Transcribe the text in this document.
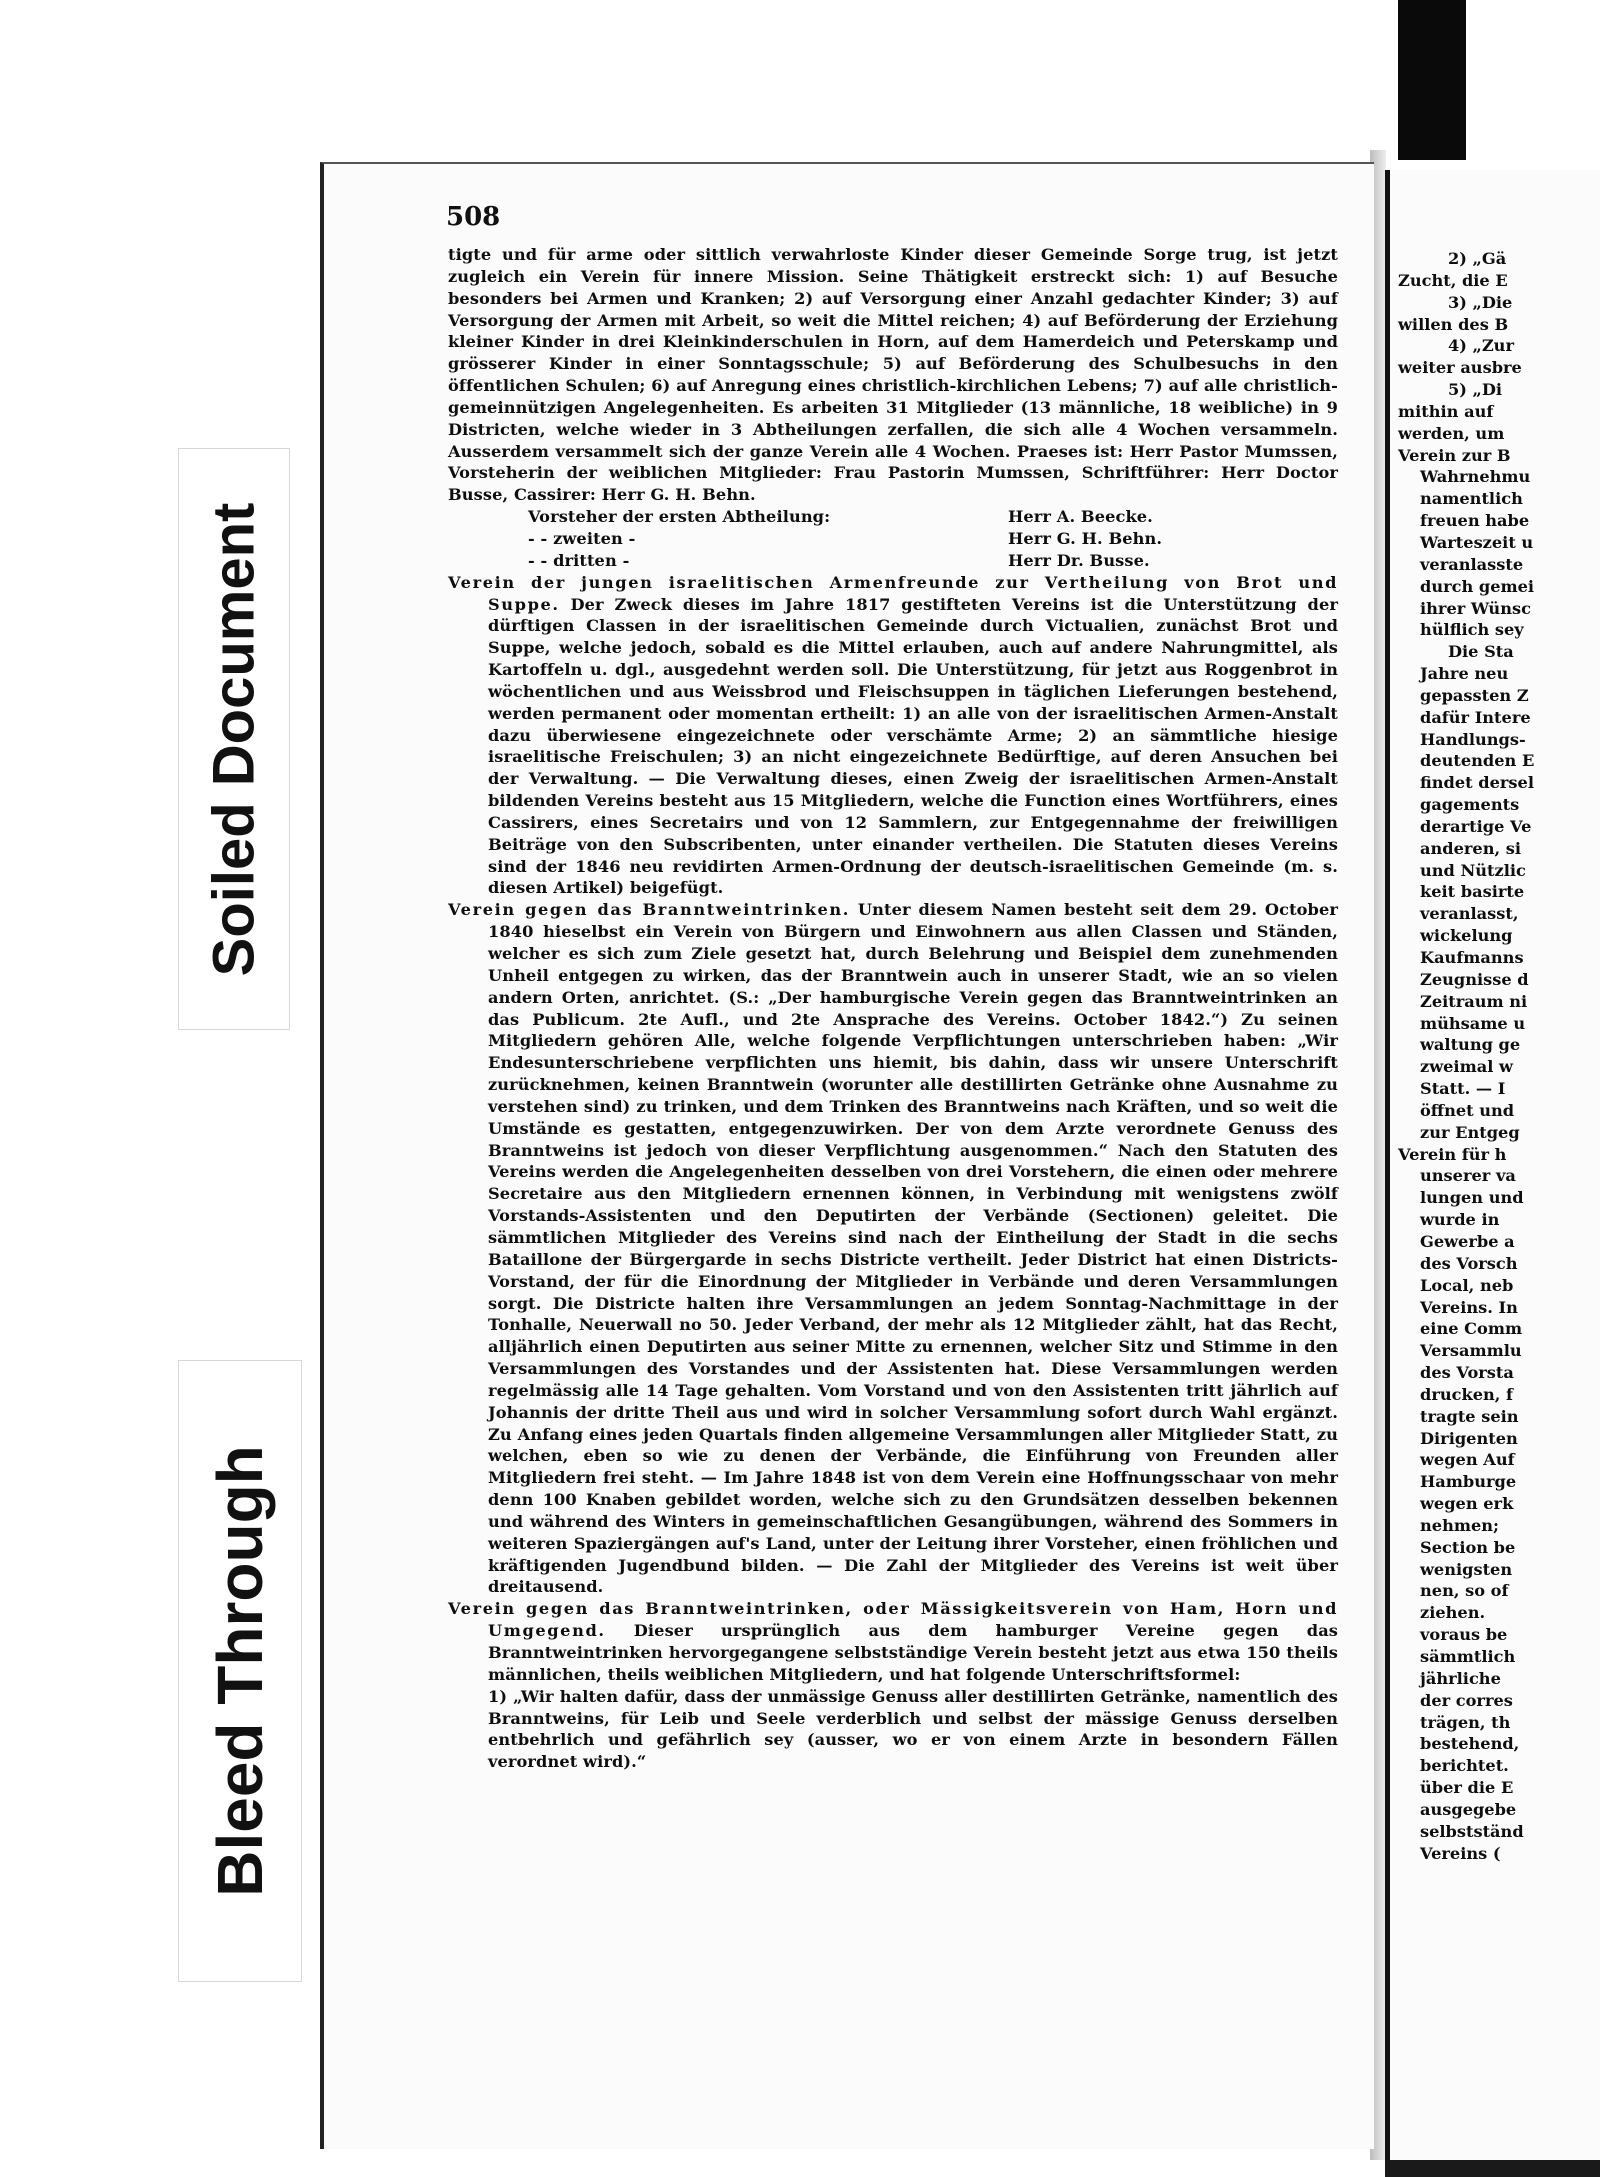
Soiled Document
Bleed Through
508

tigte und für arme oder sittlich verwahrloste Kinder dieser Gemeinde Sorge trug, ist jetzt zugleich ein Verein für innere Mission. Seine Thätigkeit erstreckt sich: 1) auf Besuche besonders bei Armen und Kranken; 2) auf Versorgung einer Anzahl gedachter Kinder; 3) auf Versorgung der Armen mit Arbeit, so weit die Mittel reichen; 4) auf Beförderung der Erziehung kleiner Kinder in drei Kleinkinderschulen in Horn, auf dem Hamerdeich und Peterskamp und grösserer Kinder in einer Sonntagsschule; 5) auf Beförderung des Schulbesuchs in den öffentlichen Schulen; 6) auf Anregung eines christlich-kirchlichen Lebens; 7) auf alle christlich-gemeinnützigen Angelegenheiten. Es arbeiten 31 Mitglieder (13 männliche, 18 weibliche) in 9 Districten, welche wieder in 3 Abtheilungen zerfallen, die sich alle 4 Wochen versammeln. Ausserdem versammelt sich der ganze Verein alle 4 Wochen. Praeses ist: Herr Pastor Mumssen, Vorsteherin der weiblichen Mitglieder: Frau Pastorin Mumssen, Schriftführer: Herr Doctor Busse, Cassirer: Herr G. H. Behn.

Vorsteher der ersten Abtheilung:	Herr A. Beecke.
- - zweiten -	Herr G. H. Behn.
- - dritten -	Herr Dr. Busse.

Verein der jungen israelitischen Armenfreunde zur Vertheilung von Brot und Suppe. Der Zweck dieses im Jahre 1817 gestifteten Vereins ist die Unterstützung der dürftigen Classen in der israelitischen Gemeinde durch Victualien, zunächst Brot und Suppe, welche jedoch, sobald es die Mittel erlauben, auch auf andere Nahrungmittel, als Kartoffeln u. dgl., ausgedehnt werden soll. Die Unterstützung, für jetzt aus Roggenbrot in wöchentlichen und aus Weissbrod und Fleischsuppen in täglichen Lieferungen bestehend, werden permanent oder momentan ertheilt: 1) an alle von der israelitischen Armen-Anstalt dazu überwiesene eingezeichnete oder verschämte Arme; 2) an sämmtliche hiesige israelitische Freischulen; 3) an nicht eingezeichnete Bedürftige, auf deren Ansuchen bei der Verwaltung. — Die Verwaltung dieses, einen Zweig der israelitischen Armen-Anstalt bildenden Vereins besteht aus 15 Mitgliedern, welche die Function eines Wortführers, eines Cassirers, eines Secretairs und von 12 Sammlern, zur Entgegennahme der freiwilligen Beiträge von den Subscribenten, unter einander vertheilen. Die Statuten dieses Vereins sind der 1846 neu revidirten Armen-Ordnung der deutsch-israelitischen Gemeinde (m. s. diesen Artikel) beigefügt.

Verein gegen das Branntweintrinken. Unter diesem Namen besteht seit dem 29. October 1840 hieselbst ein Verein von Bürgern und Einwohnern aus allen Classen und Ständen, welcher es sich zum Ziele gesetzt hat, durch Belehrung und Beispiel dem zunehmenden Unheil entgegen zu wirken, das der Branntwein auch in unserer Stadt, wie an so vielen andern Orten, anrichtet. (S.: „Der hamburgische Verein gegen das Branntweintrinken an das Publicum. 2te Aufl., und 2te Ansprache des Vereins. October 1842.“) Zu seinen Mitgliedern gehören Alle, welche folgende Verpflichtungen unterschrieben haben: „Wir Endesunterschriebene verpflichten uns hiemit, bis dahin, dass wir unsere Unterschrift zurücknehmen, keinen Branntwein (worunter alle destillirten Getränke ohne Ausnahme zu verstehen sind) zu trinken, und dem Trinken des Branntweins nach Kräften, und so weit die Umstände es gestatten, entgegenzuwirken. Der von dem Arzte verordnete Genuss des Branntweins ist jedoch von dieser Verpflichtung ausgenommen.“ Nach den Statuten des Vereins werden die Angelegenheiten desselben von drei Vorstehern, die einen oder mehrere Secretaire aus den Mitgliedern ernennen können, in Verbindung mit wenigstens zwölf Vorstands-Assistenten und den Deputirten der Verbände (Sectionen) geleitet. Die sämmtlichen Mitglieder des Vereins sind nach der Eintheilung der Stadt in die sechs Bataillone der Bürgergarde in sechs Districte vertheilt. Jeder District hat einen Districts-Vorstand, der für die Einordnung der Mitglieder in Verbände und deren Versammlungen sorgt. Die Districte halten ihre Versammlungen an jedem Sonntag-Nachmittage in der Tonhalle, Neuerwall no 50. Jeder Verband, der mehr als 12 Mitglieder zählt, hat das Recht, alljährlich einen Deputirten aus seiner Mitte zu ernennen, welcher Sitz und Stimme in den Versammlungen des Vorstandes und der Assistenten hat. Diese Versammlungen werden regelmässig alle 14 Tage gehalten. Vom Vorstand und von den Assistenten tritt jährlich auf Johannis der dritte Theil aus und wird in solcher Versammlung sofort durch Wahl ergänzt. Zu Anfang eines jeden Quartals finden allgemeine Versammlungen aller Mitglieder Statt, zu welchen, eben so wie zu denen der Verbände, die Einführung von Freunden aller Mitgliedern frei steht. — Im Jahre 1848 ist von dem Verein eine Hoffnungsschaar von mehr denn 100 Knaben gebildet worden, welche sich zu den Grundsätzen desselben bekennen und während des Winters in gemeinschaftlichen Gesangübungen, während des Sommers in weiteren Spaziergängen auf's Land, unter der Leitung ihrer Vorsteher, einen fröhlichen und kräftigenden Jugendbund bilden. — Die Zahl der Mitglieder des Vereins ist weit über dreitausend.

Verein gegen das Branntweintrinken, oder Mässigkeitsverein von Ham, Horn und Umgegend. Dieser ursprünglich aus dem hamburger Vereine gegen das Branntweintrinken hervorgegangene selbstständige Verein besteht jetzt aus etwa 150 theils männlichen, theils weiblichen Mitgliedern, und hat folgende Unterschriftsformel:

1) „Wir halten dafür, dass der unmässige Genuss aller destillirten Getränke, namentlich des Branntweins, für Leib und Seele verderblich und selbst der mässige Genuss derselben entbehrlich und gefährlich sey (ausser, wo er von einem Arzte in besondern Fällen verordnet wird).“

2) „Gä
Zucht, die E
3) „Die
willen des B
4) „Zur
weiter ausbre
5) „Di
mithin auf
werden, um
Verein zur B
Wahrnehmu
namentlich
freuen habe
Warteszeit u
veranlasste
durch gemei
ihrer Wünsc
hülflich sey
Die Sta
Jahre neu
gepassten Z
dafür Intere
Handlungs-
deutenden E
findet dersel
gagements
derartige Ve
anderen, si
und Nützlic
keit basirte
veranlasst,
wickelung
Kaufmanns
Zeugnisse d
Zeitraum ni
mühsame u
waltung ge
zweimal w
Statt. — I
öffnet und
zur Entgeg
Verein für h
unserer va
lungen und
wurde in
Gewerbe a
des Vorsch
Local, neb
Vereins. In
eine Comm
Versammlu
des Vorsta
drucken, f
tragte sein
Dirigenten
wegen Auf
Hamburge
wegen erk
nehmen;
Section be
wenigsten
nen, so of
ziehen.
voraus be
sämmtlich
jährliche
der corres
trägen, th
bestehend,
berichtet.
über die E
ausgegebe
selbstständ
Vereins (
